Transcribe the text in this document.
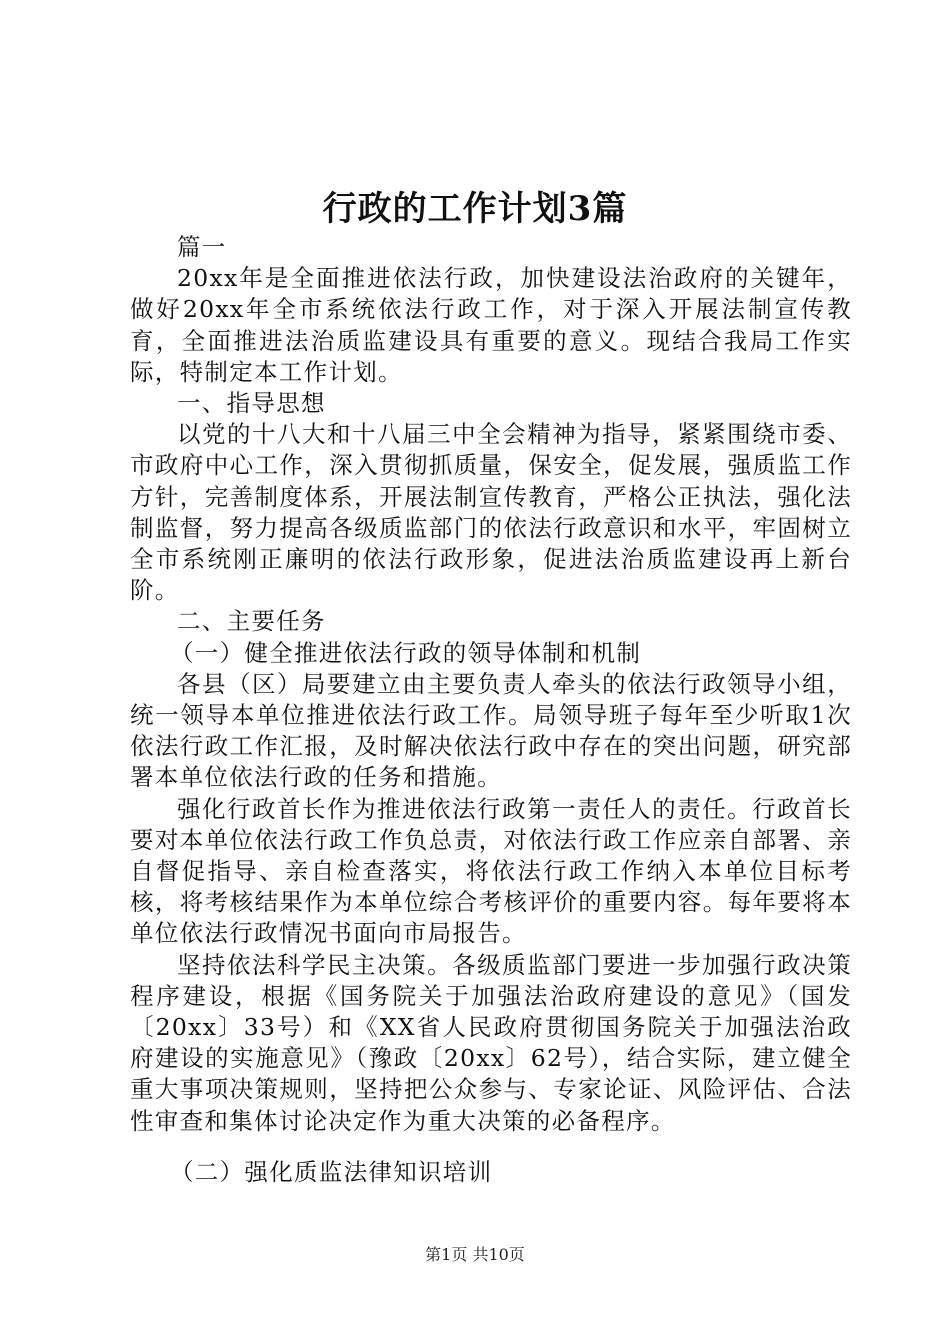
行政的工作计划3篇

篇一

20xx年是全面推进依法行政，加快建设法治政府的关键年，做好20xx年全市系统依法行政工作，对于深入开展法制宣传教育，全面推进法治质监建设具有重要的意义。现结合我局工作实际，特制定本工作计划。

一、指导思想

以党的十八大和十八届三中全会精神为指导，紧紧围绕市委、市政府中心工作，深入贯彻抓质量，保安全，促发展，强质监工作方针，完善制度体系，开展法制宣传教育，严格公正执法，强化法制监督，努力提高各级质监部门的依法行政意识和水平，牢固树立全市系统刚正廉明的依法行政形象，促进法治质监建设再上新台阶。

二、主要任务

（一）健全推进依法行政的领导体制和机制

各县（区）局要建立由主要负责人牵头的依法行政领导小组，统一领导本单位推进依法行政工作。局领导班子每年至少听取1次依法行政工作汇报，及时解决依法行政中存在的突出问题，研究部署本单位依法行政的任务和措施。

强化行政首长作为推进依法行政第一责任人的责任。行政首长要对本单位依法行政工作负总责，对依法行政工作应亲自部署、亲自督促指导、亲自检查落实，将依法行政工作纳入本单位目标考核，将考核结果作为本单位综合考核评价的重要内容。每年要将本单位依法行政情况书面向市局报告。

坚持依法科学民主决策。各级质监部门要进一步加强行政决策程序建设，根据《国务院关于加强法治政府建设的意见》（国发〔20xx〕33号）和《XX省人民政府贯彻国务院关于加强法治政府建设的实施意见》（豫政〔20xx〕62号），结合实际，建立健全重大事项决策规则，坚持把公众参与、专家论证、风险评估、合法性审查和集体讨论决定作为重大决策的必备程序。

（二）强化质监法律知识培训

第1页 共10页
